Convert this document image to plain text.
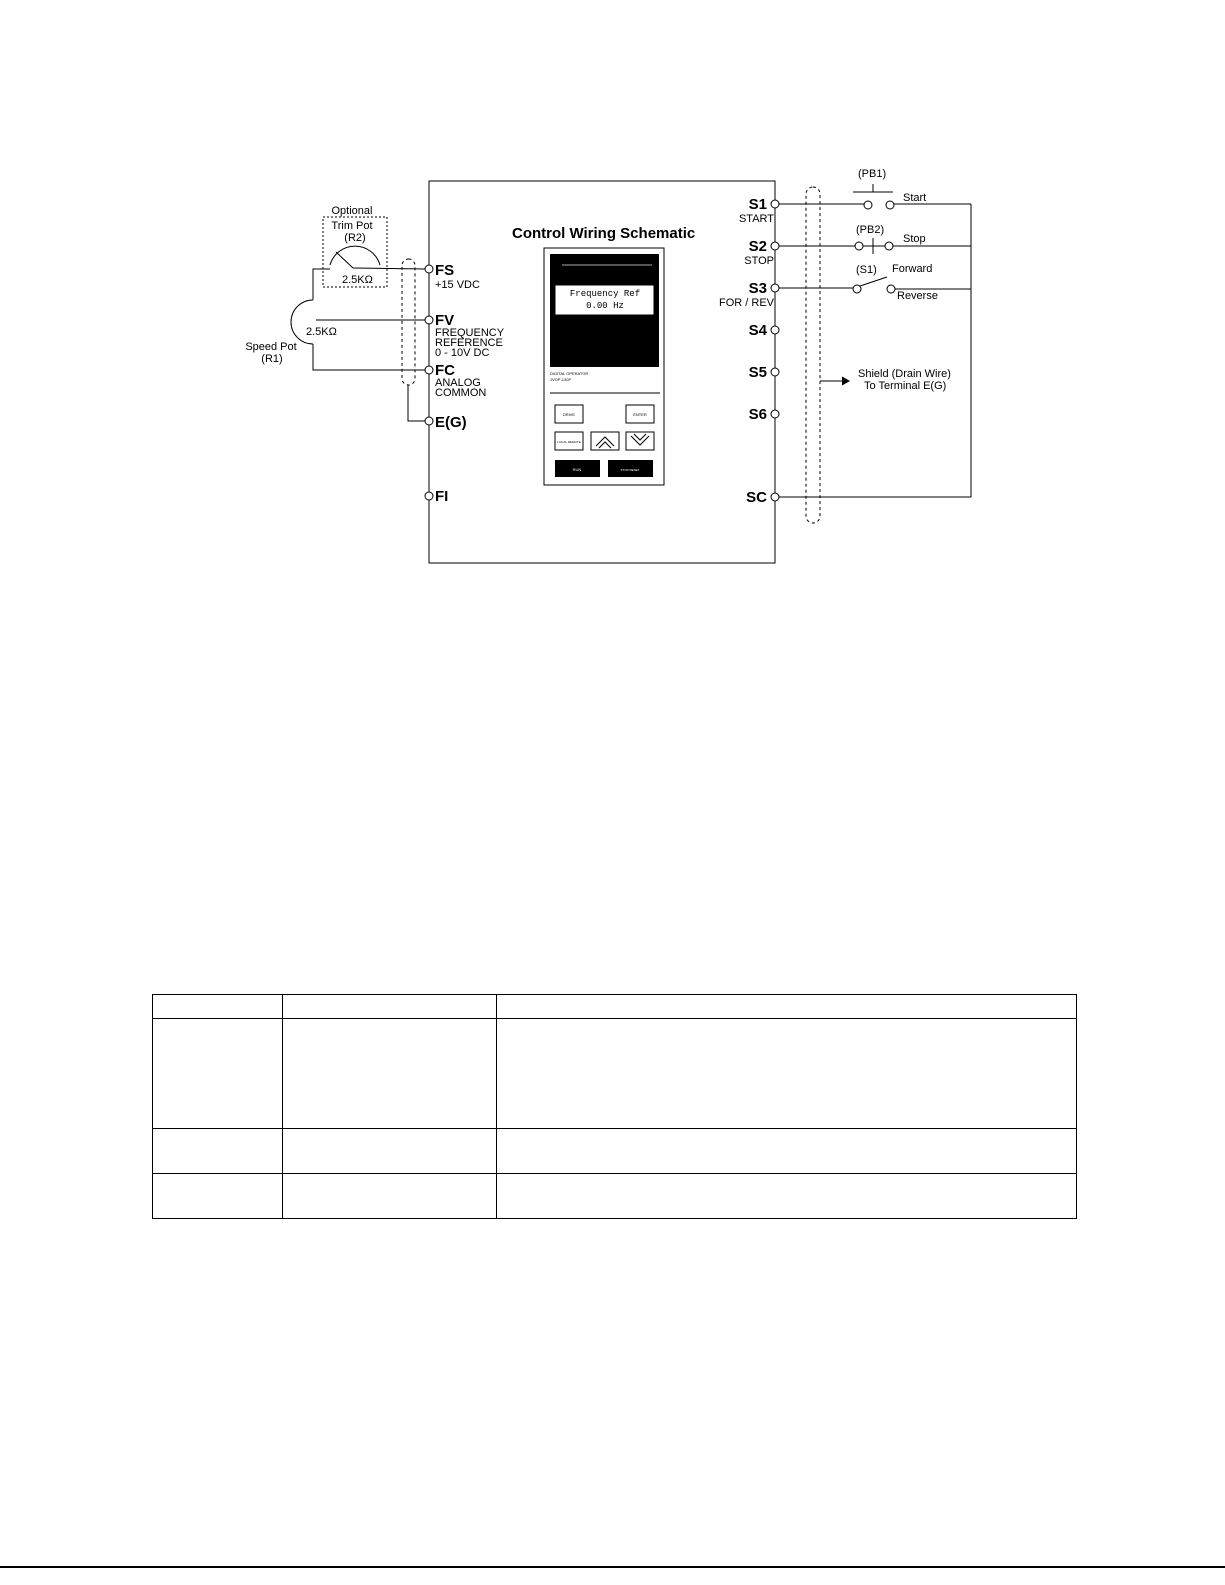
Control Wiring Schematic
FS
+15 VDC
FV
FREQUENCY
REFERENCE
0 - 10V DC
FC
ANALOG
COMMON
E(G)
FI
S1
START
S2
STOP
S3
FOR / REV
S4
S5
S6
SC
Optional
Trim Pot
(R2)
2.5KΩ
2.5KΩ
Speed Pot
(R1)
(PB1)
Start
(PB2)
Stop
(S1) Forward
Reverse
Shield (Drain Wire)
To Terminal E(G)
Frequency Ref
0.00 Hz
DIGITAL OPERATOR
JVOP-130P
DRIVE	ENTER
LOCAL REMOTE
RUN	STOP RESET
